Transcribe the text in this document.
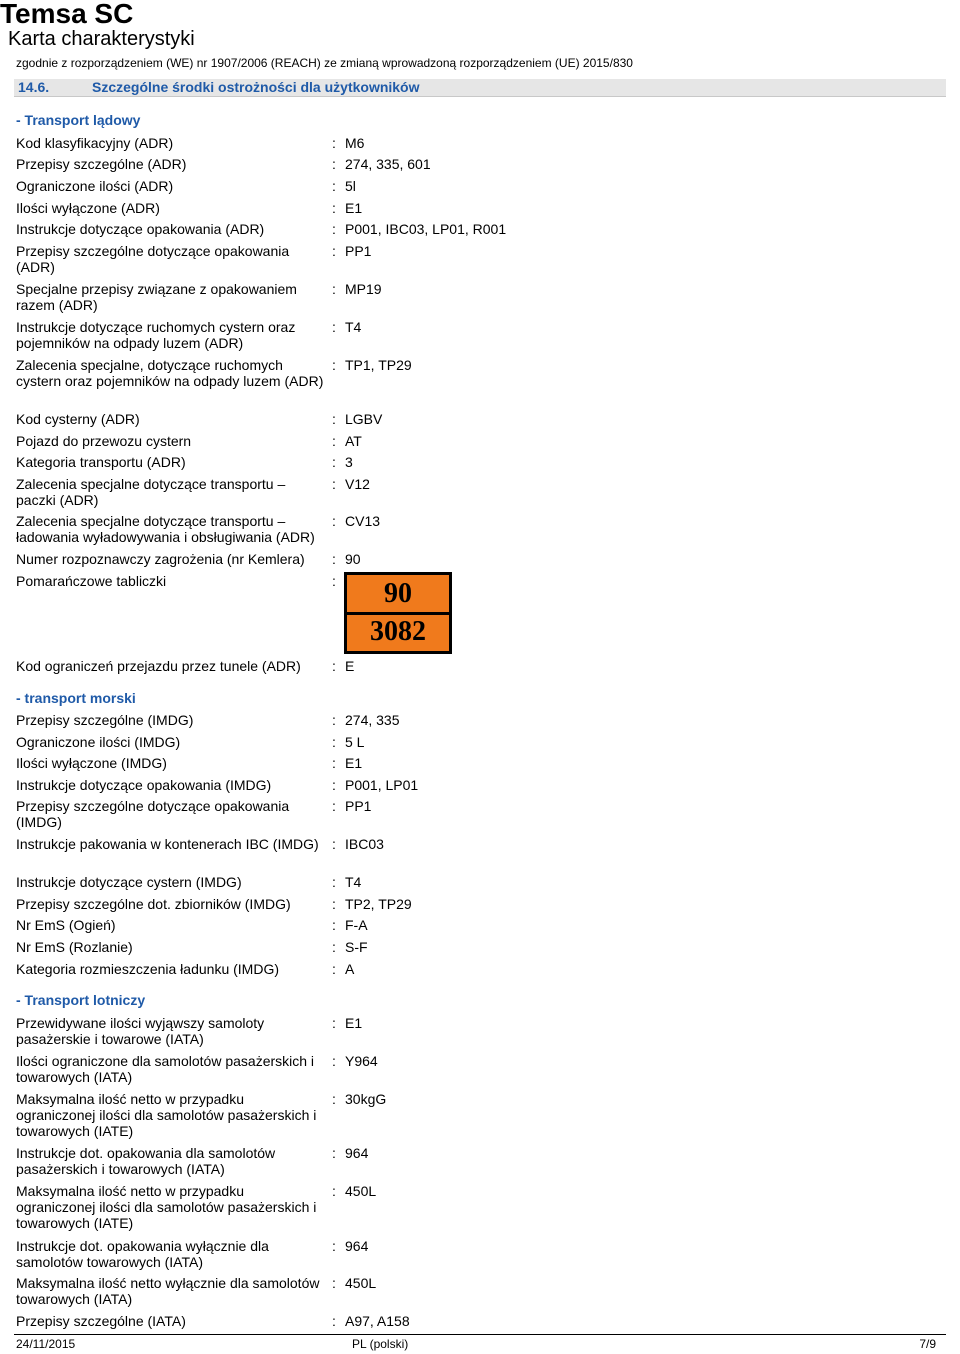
Temsa SC
Karta charakterystyki
zgodnie z rozporządzeniem (WE) nr 1907/2006 (REACH) ze zmianą wprowadzoną rozporządzeniem (UE) 2015/830
14.6.	Szczególne środki ostrożności dla użytkowników
- Transport lądowy
Kod klasyfikacyjny (ADR)	: M6
Przepisy szczególne (ADR)	: 274, 335, 601
Ograniczone ilości (ADR)	: 5l
Ilości wyłączone (ADR)	: E1
Instrukcje dotyczące opakowania (ADR)	: P001, IBC03, LP01, R001
Przepisy szczególne dotyczące opakowania (ADR)
: PP1
Specjalne przepisy związane z opakowaniem razem (ADR)
: MP19
Instrukcje dotyczące ruchomych cystern oraz pojemników na odpady luzem (ADR)
: T4
Zalecenia specjalne, dotyczące ruchomych cystern oraz pojemników na odpady luzem (ADR)
: TP1, TP29
Kod cysterny (ADR)	: LGBV
Pojazd do przewozu cystern	: AT
Kategoria transportu (ADR)	: 3
Zalecenia specjalne dotyczące transportu – paczki (ADR)
: V12
Zalecenia specjalne dotyczące transportu – ładowania wyładowywania i obsługiwania (ADR)
: CV13
Numer rozpoznawczy zagrożenia (nr Kemlera)	: 90
Pomarańczowe tabliczki	:	90
3082
Kod ograniczeń przejazdu przez tunele (ADR)	: E
- transport morski
Przepisy szczególne (IMDG)	: 274, 335
Ograniczone ilości (IMDG)	: 5 L
Ilości wyłączone (IMDG)	: E1
Instrukcje dotyczące opakowania (IMDG)	: P001, LP01
Przepisy szczególne dotyczące opakowania (IMDG)
: PP1
Instrukcje pakowania w kontenerach IBC (IMDG) : IBC03
Instrukcje dotyczące cystern (IMDG)	: T4
Przepisy szczególne dot. zbiorników (IMDG)	: TP2, TP29
Nr EmS (Ogień)	: F-A
Nr EmS (Rozlanie)	: S-F
Kategoria rozmieszczenia ładunku (IMDG)	: A
- Transport lotniczy
Przewidywane ilości wyjąwszy samoloty pasażerskie i towarowe (IATA)
: E1
Ilości ograniczone dla samolotów pasażerskich i towarowych (IATA)
: Y964
Maksymalna ilość netto w przypadku ograniczonej ilości dla samolotów pasażerskich i towarowych (IATE)
: 30kgG
Instrukcje dot. opakowania dla samolotów pasażerskich i towarowych (IATA)
: 964
Maksymalna ilość netto w przypadku ograniczonej ilości dla samolotów pasażerskich i towarowych (IATE)
: 450L
Instrukcje dot. opakowania wyłącznie dla samolotów towarowych (IATA)
: 964
Maksymalna ilość netto wyłącznie dla samolotów towarowych (IATA)
: 450L
Przepisy szczególne (IATA)	: A97, A158
24/11/2015	PL (polski)	7/9
